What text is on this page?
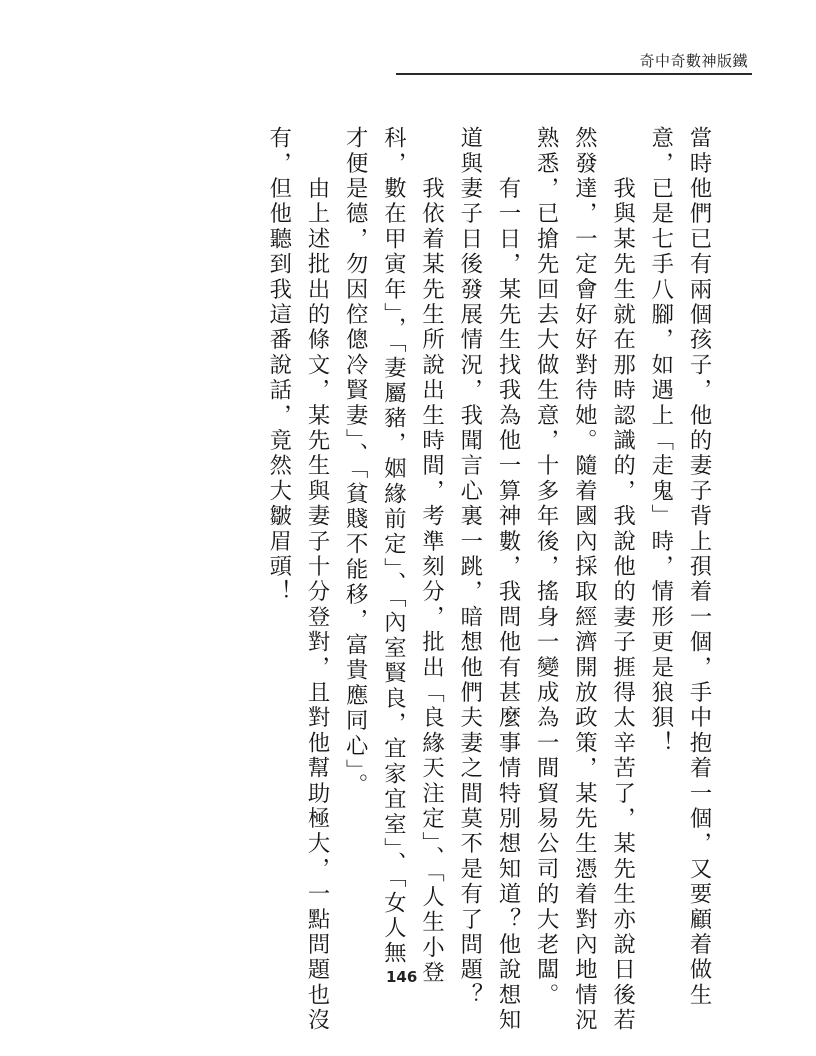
奇中奇數神版鐵
當時他們已有兩個孩子，他的妻子背上孭着一個，手中抱着一個，又要顧着做生
意，已是七手八腳，如遇上「走鬼」時，情形更是狼狽！
　　我與某先生就在那時認識的，我說他的妻子捱得太辛苦了，某先生亦說日後若
然發達，一定會好好對待她。隨着國內採取經濟開放政策，某先生憑着對內地情況
熟悉，已搶先回去大做生意，十多年後，搖身一變成為一間貿易公司的大老闆。
　　有一日，某先生找我為他一算神數，我問他有甚麼事情特別想知道？他說想知
道與妻子日後發展情況，我聞言心裏一跳，暗想他們夫妻之間莫不是有了問題？
　　我依着某先生所說出生時間，考準刻分，批出「良緣天注定」、「人生小登
科，數在甲寅年」，「妻屬豬，姻緣前定」、「內室賢良，宜家宜室」、「女人無
才便是德，勿因倥傯冷賢妻」、「貧賤不能移，富貴應同心」。
　　由上述批出的條文，某先生與妻子十分登對，且對他幫助極大，一點問題也沒
有，但他聽到我這番說話，竟然大皺眉頭！
146
